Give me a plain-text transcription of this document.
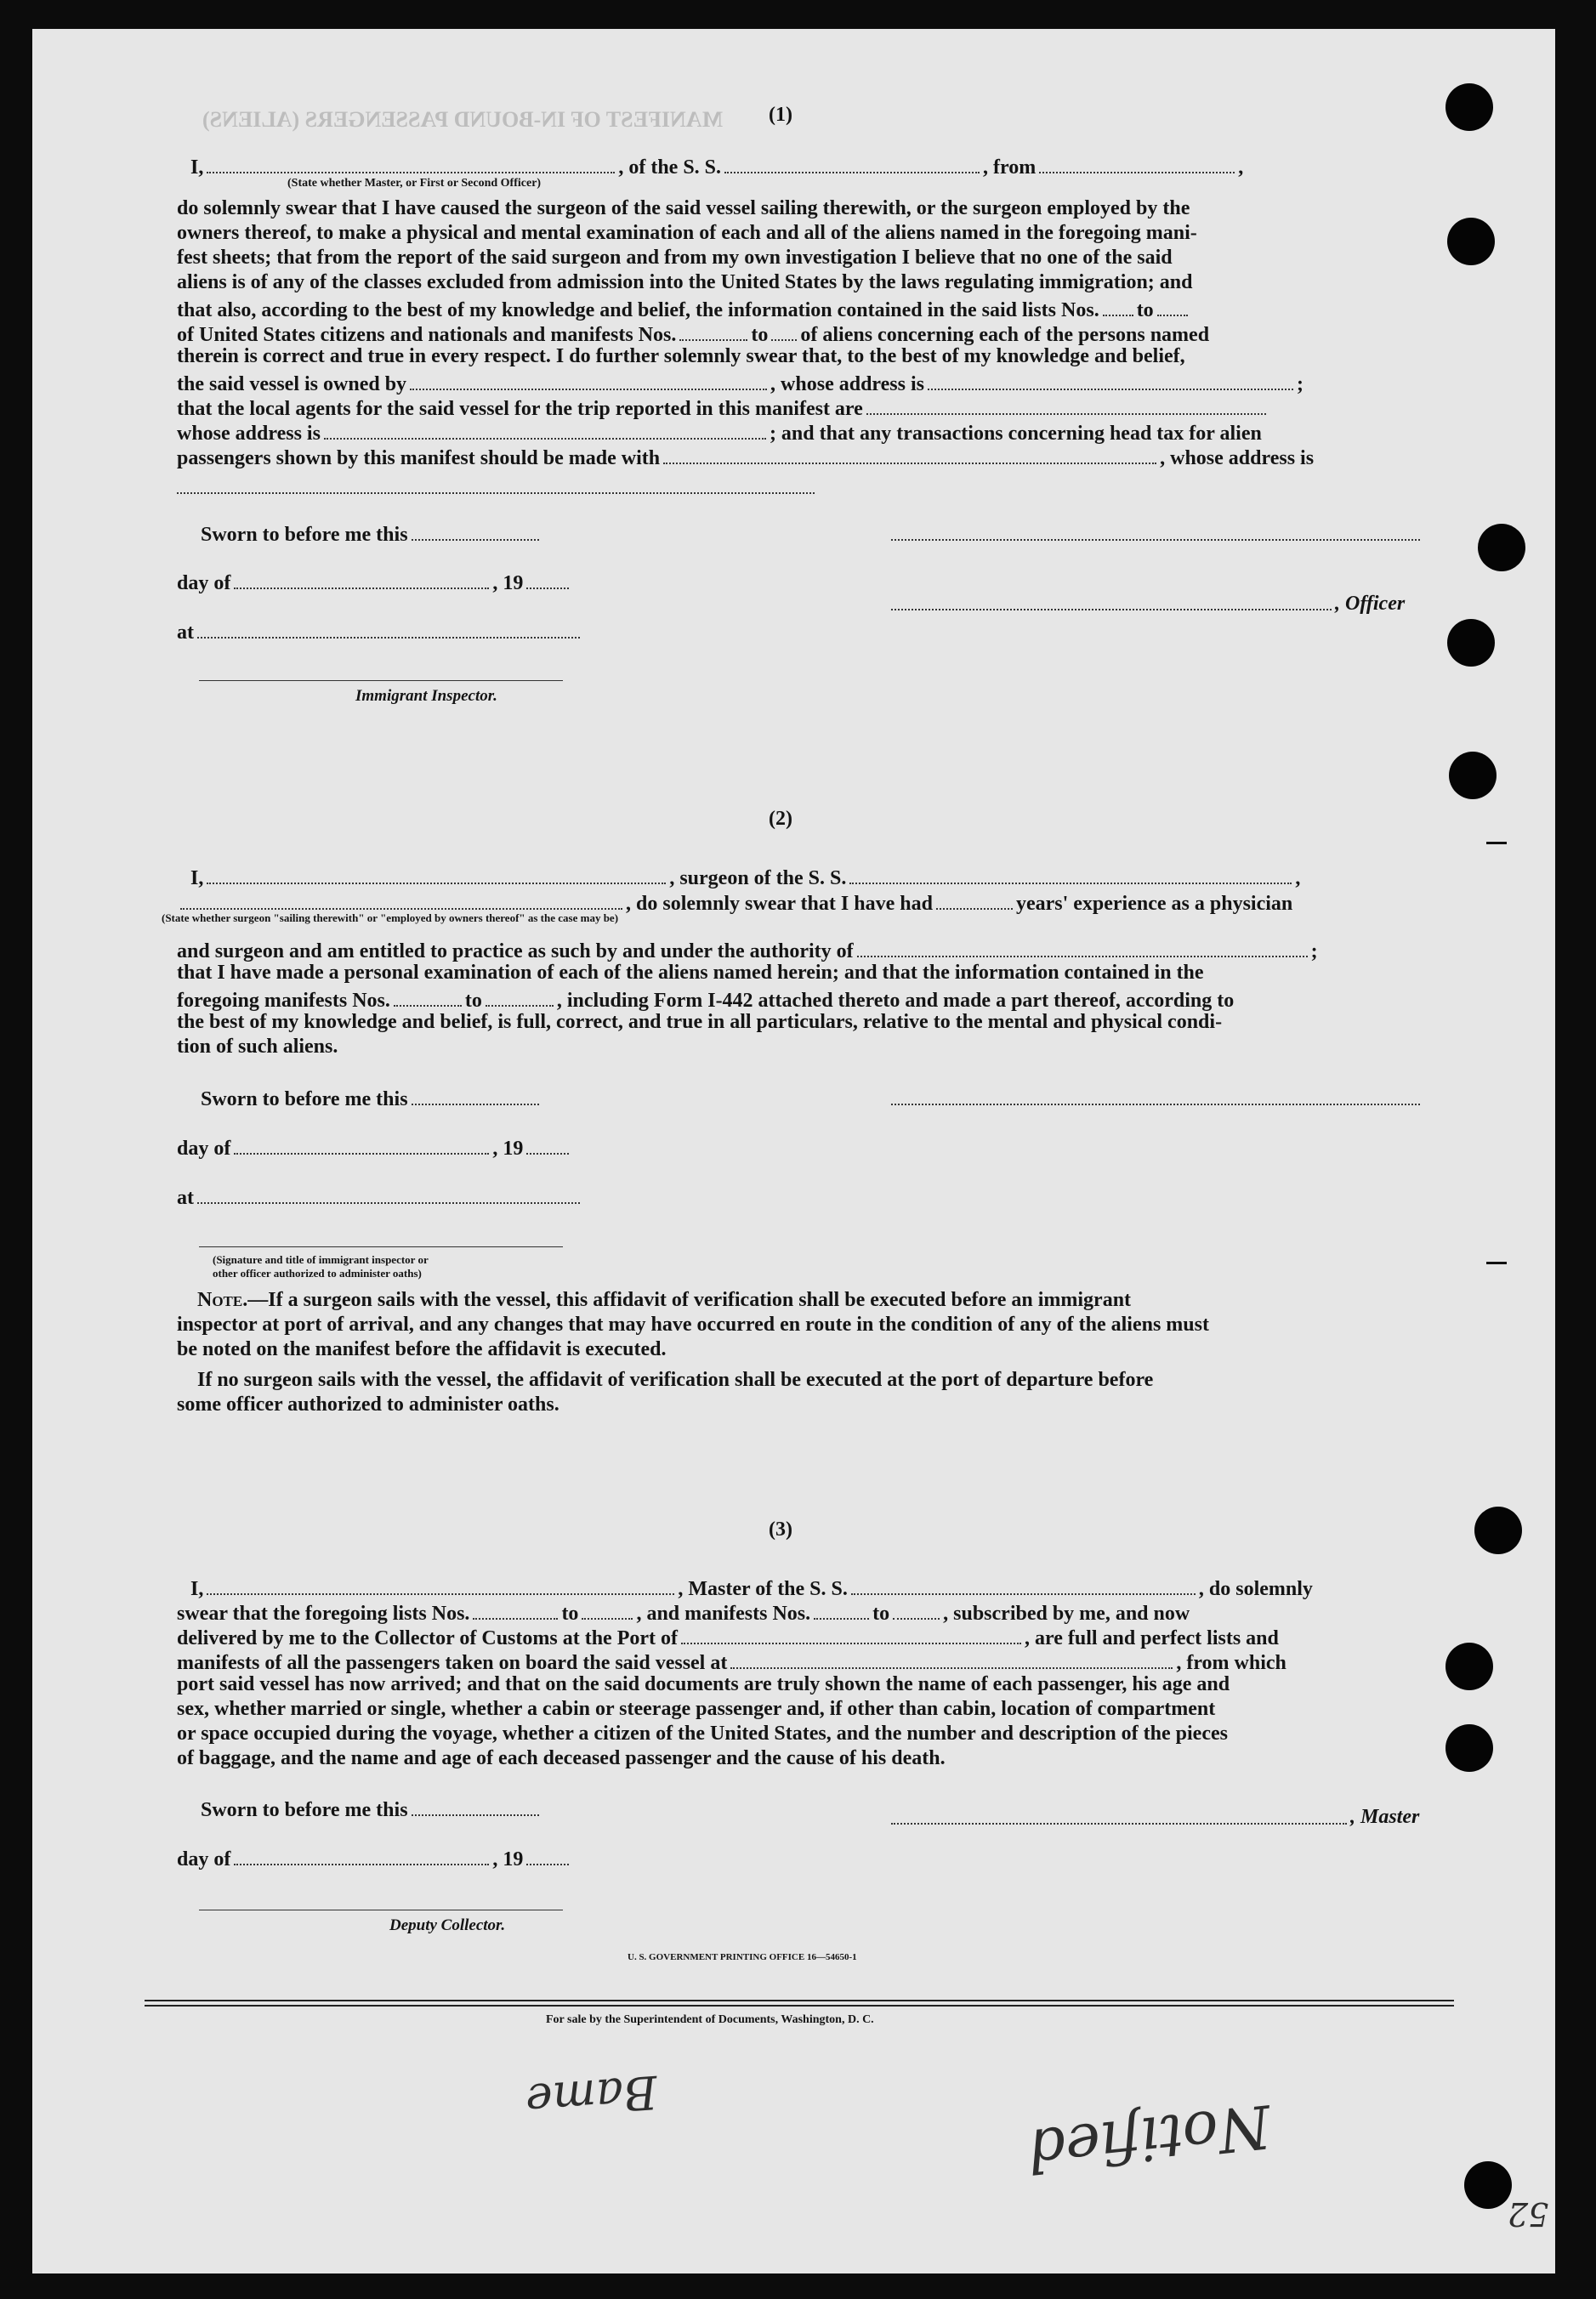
MANIFEST OF IN-BOUND PASSENGERS (ALIENS)	(1)
I,	, of the S. S.	, from	,
(State whether Master, or First or Second Officer)
do solemnly swear that I have caused the surgeon of the said vessel sailing therewith, or the surgeon employed by the
owners thereof, to make a physical and mental examination of each and all of the aliens named in the foregoing mani-
fest sheets; that from the report of the said surgeon and from my own investigation I believe that no one of the said
aliens is of any of the classes excluded from admission into the United States by the laws regulating immigration; and
that also, according to the best of my knowledge and belief, the information contained in the said lists Nos. to
of United States citizens and nationals and manifests Nos.	to of aliens concerning each of the persons named
therein is correct and true in every respect. I do further solemnly swear that, to the best of my knowledge and belief,
the said vessel is owned by	, whose address is	;
that the local agents for the said vessel for the trip reported in this manifest are
whose address is	; and that any transactions concerning head tax for alien
passengers shown by this manifest should be made with	, whose address is
Sworn to before me this
day of	, 19
at
, Officer
Immigrant Inspector.
(2)
I,	, surgeon of the S. S.	,
, do solemnly swear that I have had	years' experience as a physician
(State whether surgeon "sailing therewith" or "employed by owners thereof" as the case may be)
and surgeon and am entitled to practice as such by and under the authority of	;
that I have made a personal examination of each of the aliens named herein; and that the information contained in the
foregoing manifests Nos.	to	, including Form I-442 attached thereto and made a part thereof, according to
the best of my knowledge and belief, is full, correct, and true in all particulars, relative to the mental and physical condi-
tion of such aliens.
Sworn to before me this
day of	, 19
at
(Signature and title of immigrant inspector or
other officer authorized to administer oaths)
Note.—If a surgeon sails with the vessel, this affidavit of verification shall be executed before an immigrant
inspector at port of arrival, and any changes that may have occurred en route in the condition of any of the aliens must
be noted on the manifest before the affidavit is executed.
If no surgeon sails with the vessel, the affidavit of verification shall be executed at the port of departure before
some officer authorized to administer oaths.
(3)
I,	, Master of the S. S.	, do solemnly
swear that the foregoing lists Nos.	to	, and manifests Nos.	to	, subscribed by me, and now
delivered by me to the Collector of Customs at the Port of	, are full and perfect lists and
manifests of all the passengers taken on board the said vessel at	, from which
port said vessel has now arrived; and that on the said documents are truly shown the name of each passenger, his age and
sex, whether married or single, whether a cabin or steerage passenger and, if other than cabin, location of compartment
or space occupied during the voyage, whether a citizen of the United States, and the number and description of the pieces
of baggage, and the name and age of each deceased passenger and the cause of his death.
Sworn to before me this
day of	, 19
, Master
Deputy Collector.
U. S. GOVERNMENT PRINTING OFFICE 16—54650-1
For sale by the Superintendent of Documents, Washington, D. C.
Notified
Bame
52
